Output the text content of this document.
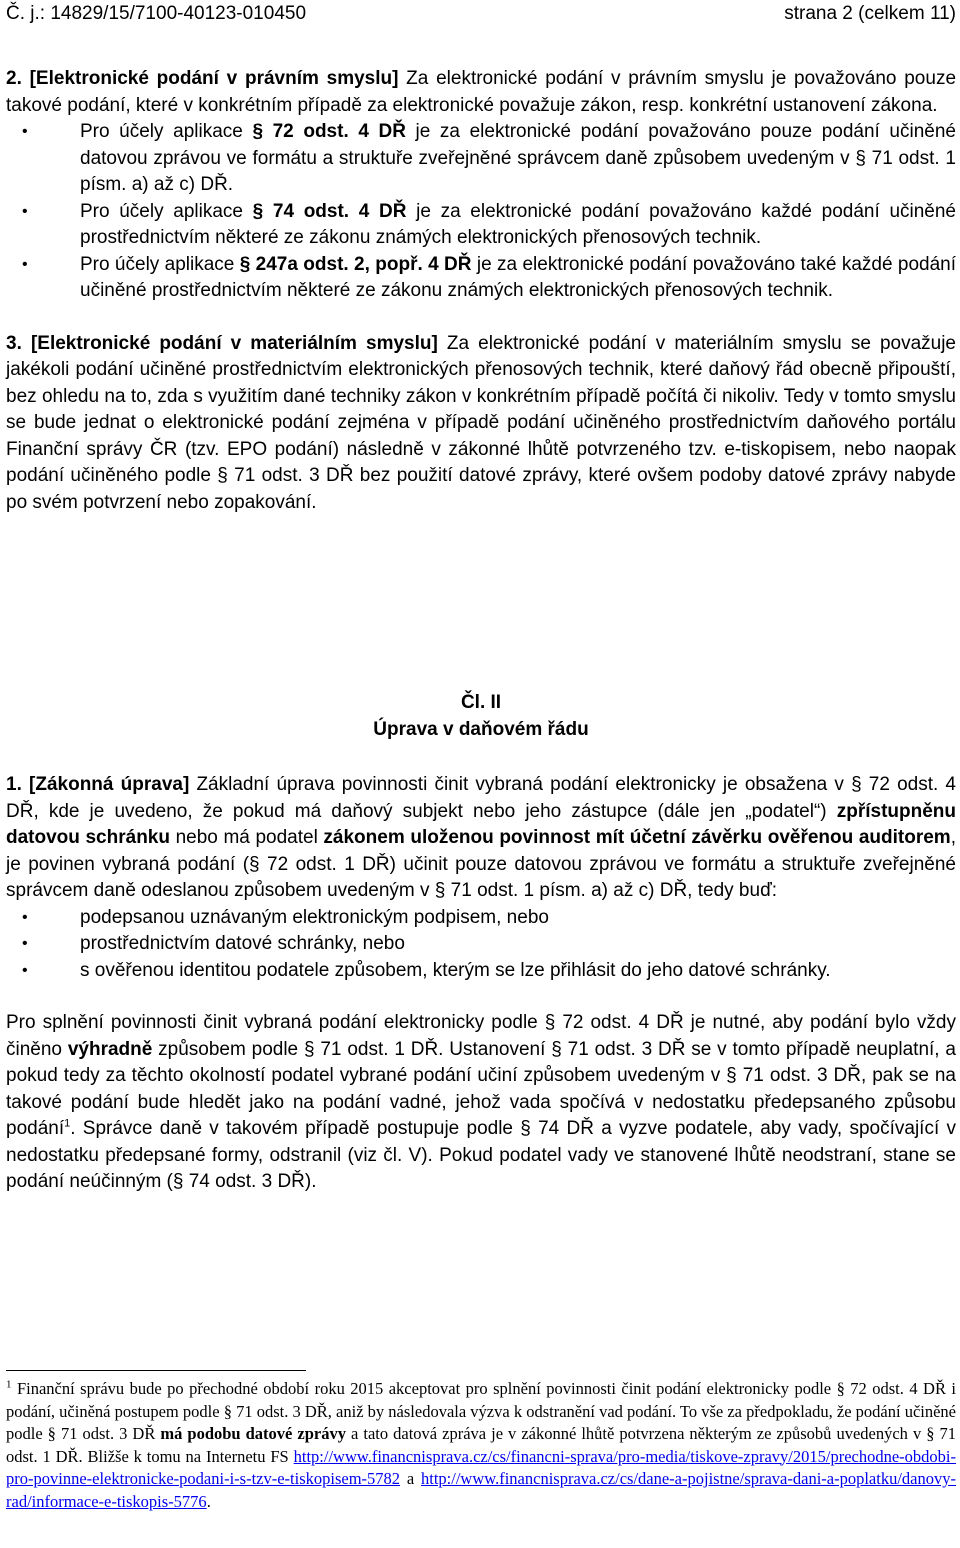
Č. j.: 14829/15/7100-40123-010450	strana 2 (celkem 11)

2. [Elektronické podání v právním smyslu] Za elektronické podání v právním smyslu je považováno pouze takové podání, které v konkrétním případě za elektronické považuje zákon, resp. konkrétní ustanovení zákona.

• Pro účely aplikace § 72 odst. 4 DŘ je za elektronické podání považováno pouze podání učiněné datovou zprávou ve formátu a struktuře zveřejněné správcem daně způsobem uvedeným v § 71 odst. 1 písm. a) až c) DŘ.
• Pro účely aplikace § 74 odst. 4 DŘ je za elektronické podání považováno každé podání učiněné prostřednictvím některé ze zákonu známých elektronických přenosových technik.
• Pro účely aplikace § 247a odst. 2, popř. 4 DŘ je za elektronické podání považováno také každé podání učiněné prostřednictvím některé ze zákonu známých elektronických přenosových technik.

3. [Elektronické podání v materiálním smyslu] Za elektronické podání v materiálním smyslu se považuje jakékoli podání učiněné prostřednictvím elektronických přenosových technik, které daňový řád obecně připouští, bez ohledu na to, zda s využitím dané techniky zákon v konkrétním případě počítá či nikoliv. Tedy v tomto smyslu se bude jednat o elektronické podání zejména v případě podání učiněného prostřednictvím daňového portálu Finanční správy ČR (tzv. EPO podání) následně v zákonné lhůtě potvrzeného tzv. e-tiskopisem, nebo naopak podání učiněného podle § 71 odst. 3 DŘ bez použití datové zprávy, které ovšem podoby datové zprávy nabyde po svém potvrzení nebo zopakování.

Čl. II

Úprava v daňovém řádu

1. [Zákonná úprava] Základní úprava povinnosti činit vybraná podání elektronicky je obsažena v § 72 odst. 4 DŘ, kde je uvedeno, že pokud má daňový subjekt nebo jeho zástupce (dále jen „podatel“) zpřístupněnu datovou schránku nebo má podatel zákonem uloženou povinnost mít účetní závěrku ověřenou auditorem, je povinen vybraná podání (§ 72 odst. 1 DŘ) učinit pouze datovou zprávou ve formátu a struktuře zveřejněné správcem daně odeslanou způsobem uvedeným v § 71 odst. 1 písm. a) až c) DŘ, tedy buď:

• podepsanou uznávaným elektronickým podpisem, nebo
• prostřednictvím datové schránky, nebo
• s ověřenou identitou podatele způsobem, kterým se lze přihlásit do jeho datové schránky.

Pro splnění povinnosti činit vybraná podání elektronicky podle § 72 odst. 4 DŘ je nutné, aby podání bylo vždy činěno výhradně způsobem podle § 71 odst. 1 DŘ. Ustanovení § 71 odst. 3 DŘ se v tomto případě neuplatní, a pokud tedy za těchto okolností podatel vybrané podání učiní způsobem uvedeným v § 71 odst. 3 DŘ, pak se na takové podání bude hledět jako na podání vadné, jehož vada spočívá v nedostatku předepsaného způsobu podání$^1$. Správce daně v takovém případě postupuje podle § 74 DŘ a vyzve podatele, aby vady, spočívající v nedostatku předepsané formy, odstranil (viz čl. V). Pokud podatel vady ve stanovené lhůtě neodstraní, stane se podání neúčinným (§ 74 odst. 3 DŘ).

$^1$ Finanční správu bude po přechodné období roku 2015 akceptovat pro splnění povinnosti činit podání elektronicky podle § 72 odst. 4 DŘ i podání, učiněná postupem podle § 71 odst. 3 DŘ, aniž by následovala výzva k odstranění vad podání. To vše za předpokladu, že podání učiněné podle § 71 odst. 3 DŘ má podobu datové zprávy a tato datová zpráva je v zákonné lhůtě potvrzena některým ze způsobů uvedených v § 71 odst. 1 DŘ. Bližše k tomu na Internetu FS http://www.financnisprava.cz/cs/financni-sprava/pro-media/tiskove-zpravy/2015/prechodne-obdobi-pro-povinne-elektronicke-podani-i-s-tzv-e-tiskopisem-5782 a http://www.financnisprava.cz/cs/dane-a-pojistne/sprava-dani-a-poplatku/danovy-rad/informace-e-tiskopis-5776.
